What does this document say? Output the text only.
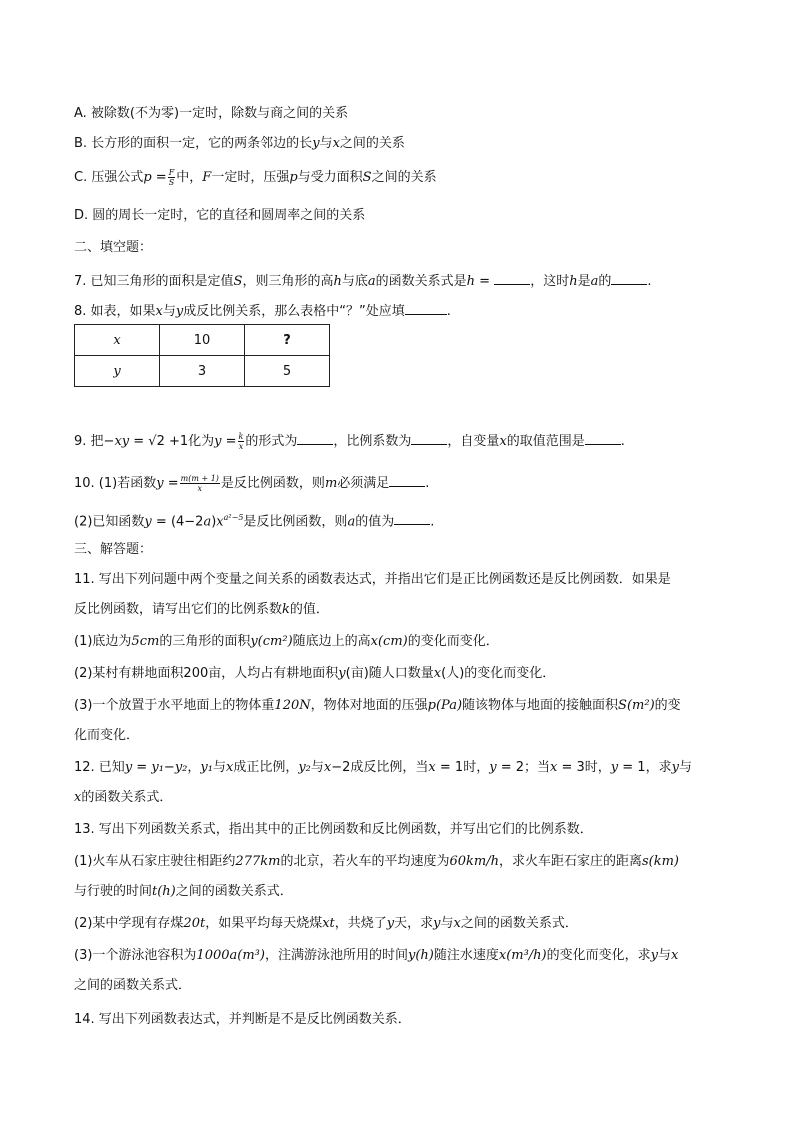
A. 被除数(不为零)一定时，除数与商之间的关系
B. 长方形的面积一定，它的两条邻边的长y与x之间的关系
C. 压强公式$p = \frac{F}{S}$ 中，F一定时，压强p与受力面积S之间的关系
D. 圆的周长一定时，它的直径和圆周率之间的关系
二、填空题：
7. 已知三角形的面积是定值S，则三角形的高h与底a的函数关系式是h =	，这时h是a的	.
8. 如表，如果x与y成反比例关系，那么表格中“？”处应填	.
x	10	?
y	3	5
9. 把−xy = √2 +1化为$y = \frac{k}{x}$ 的形式为	，比例系数为	，自变量x的取值范围是	.
10. (1)若函数$y = \frac{m(m + 1)}{x}$ 是反比例函数，则m必须满足	.
(2)已知函数$y = (4-2a)x^{a^2-5}$是反比例函数，则a的值为	.
三、解答题：
11. 写出下列问题中两个变量之间关系的函数表达式，并指出它们是正比例函数还是反比例函数．如果是
反比例函数，请写出它们的比例系数k的值．
(1)底边为5cm的三角形的面积y(cm²)随底边上的高x(cm)的变化而变化．
(2)某村有耕地面积200亩，人均占有耕地面积y(亩)随人口数量x(人)的变化而变化．
(3)一个放置于水平地面上的物体重120N，物体对地面的压强p(Pa)随该物体与地面的接触面积S(m²)的变
化而变化．
12. 已知y = y₁−y₂，y₁与x成正比例，y₂与x−2成反比例，当x = 1时，y = 2；当x = 3时，y = 1，求y与
x的函数关系式．
13. 写出下列函数关系式，指出其中的正比例函数和反比例函数，并写出它们的比例系数．
(1)火车从石家庄驶往相距约277km的北京，若火车的平均速度为60km/h，求火车距石家庄的距离s(km)
与行驶的时间t(h)之间的函数关系式．
(2)某中学现有存煤20t，如果平均每天烧煤xt，共烧了y天，求y与x之间的函数关系式．
(3)一个游泳池容积为1000a(m³)，注满游泳池所用的时间y(h)随注水速度x(m³/h)的变化而变化，求y与x
之间的函数关系式．
14. 写出下列函数表达式，并判断是不是反比例函数关系．
